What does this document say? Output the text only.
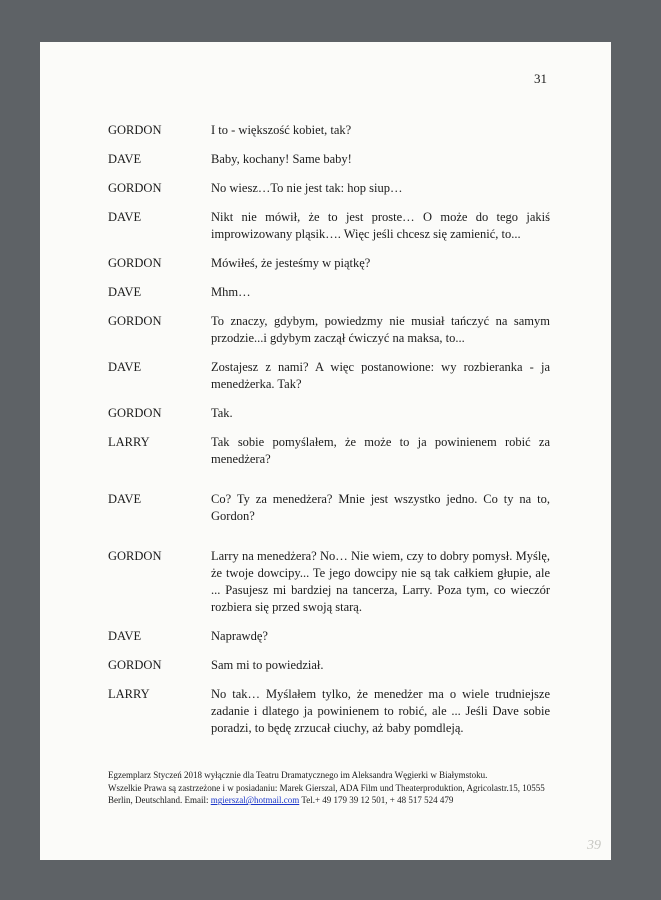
31
GORDON	I to - większość kobiet, tak?
DAVE	Baby, kochany! Same baby!
GORDON	No wiesz…To nie jest tak: hop siup…
DAVE	Nikt nie mówił, że to jest proste… O może do tego jakiś improwizowany pląsik…. Więc jeśli chcesz się zamienić, to...
GORDON	Mówiłeś, że jesteśmy w piątkę?
DAVE	Mhm…
GORDON	To znaczy, gdybym, powiedzmy nie musiał tańczyć na samym przodzie...i gdybym zaczął ćwiczyć na maksa, to...
DAVE	Zostajesz z nami? A więc postanowione: wy rozbieranka - ja menedżerka. Tak?
GORDON	Tak.
LARRY	Tak sobie pomyślałem, że może to ja powinienem robić za menedżera?
DAVE	Co? Ty za menedżera? Mnie jest wszystko jedno. Co ty na to, Gordon?
GORDON	Larry na menedżera? No… Nie wiem, czy to dobry pomysł. Myślę, że twoje dowcipy... Te jego dowcipy nie są tak całkiem głupie, ale ... Pasujesz mi bardziej na tancerza, Larry. Poza tym, co wieczór rozbiera się przed swoją starą.
DAVE	Naprawdę?
GORDON	Sam mi to powiedział.
LARRY	No tak… Myślałem tylko, że menedżer ma o wiele trudniejsze zadanie i dlatego ja powinienem to robić, ale ... Jeśli Dave sobie poradzi, to będę zrzucał ciuchy, aż baby pomdleją.
Egzemplarz Styczeń 2018 wyłącznie dla Teatru Dramatycznego im Aleksandra Węgierki w Białymstoku.
Wszelkie Prawa są zastrzeżone i w posiadaniu: Marek Gierszal, ADA Film und Theaterproduktion, Agricolastr.15, 10555
Berlin, Deutschland. Email: mgierszal@hotmail.com Tel.+ 49 179 39 12 501, + 48 517 524 479
39
